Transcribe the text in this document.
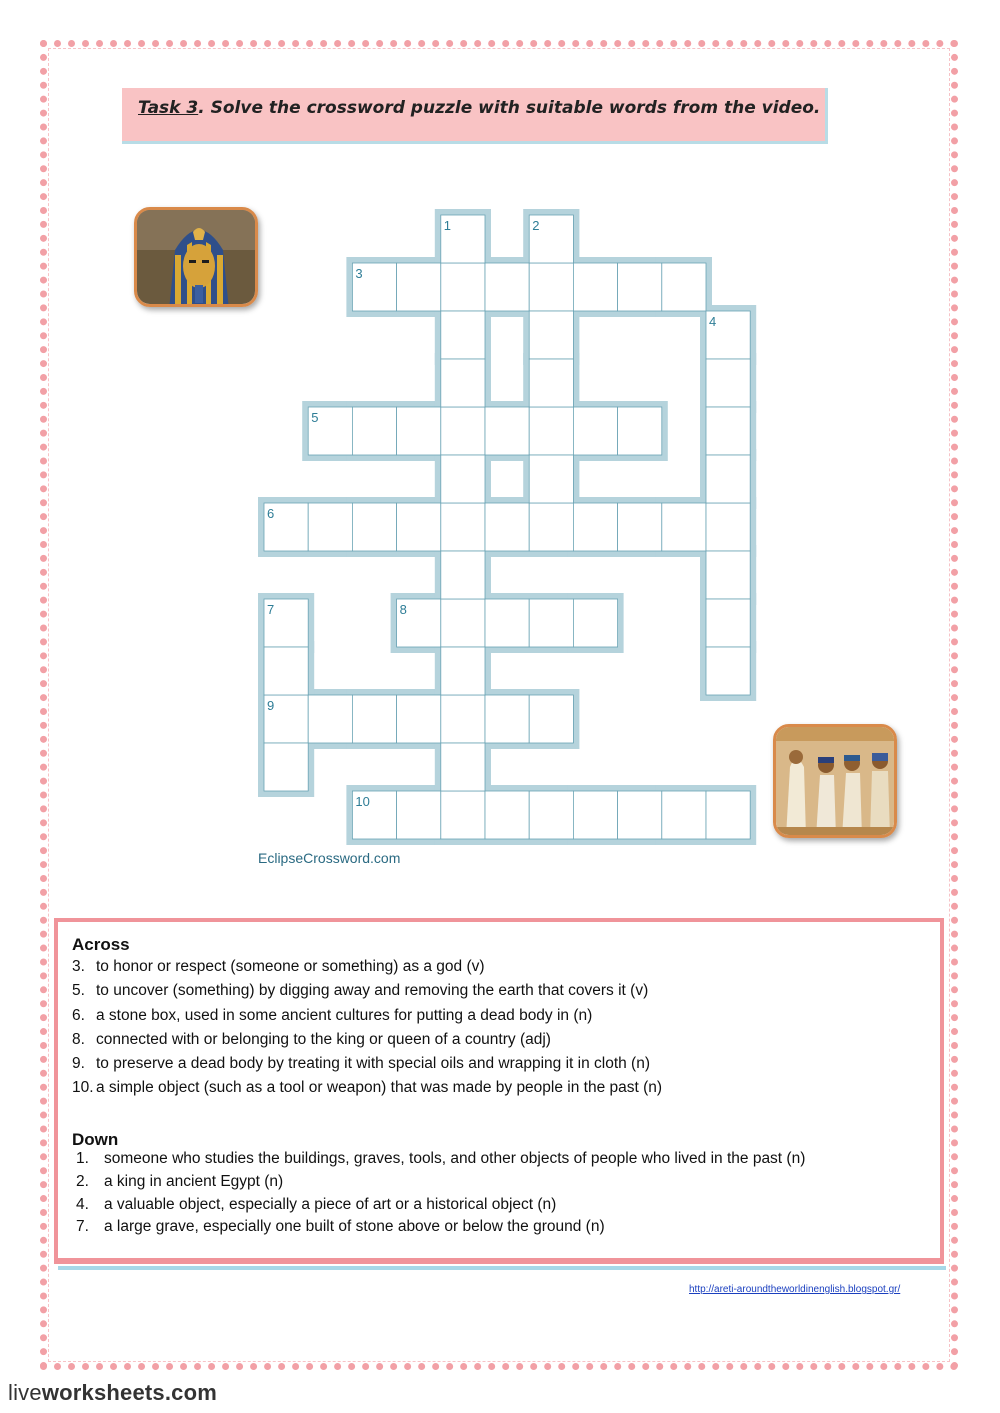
Task 3. Solve the crossword puzzle with suitable words from the video.
3
5
6
8
9
10
1	2
4
7
EclipseCrossword.com
Across
3. to honor or respect (someone or something) as a god (v)
5. to uncover (something) by digging away and removing the earth that covers it (v)
6. a stone box, used in some ancient cultures for putting a dead body in (n)
8. connected with or belonging to the king or queen of a country (adj)
9. to preserve a dead body by treating it with special oils and wrapping it in cloth (n)
10. a simple object (such as a tool or weapon) that was made by people in the past (n)
Down
1. someone who studies the buildings, graves, tools, and other objects of people who lived in the past (n)
2. a king in ancient Egypt (n)
4. a valuable object, especially a piece of art or a historical object (n)
7. a large grave, especially one built of stone above or below the ground (n)
http://areti-aroundtheworldinenglish.blogspot.gr/
liveworksheets.com
